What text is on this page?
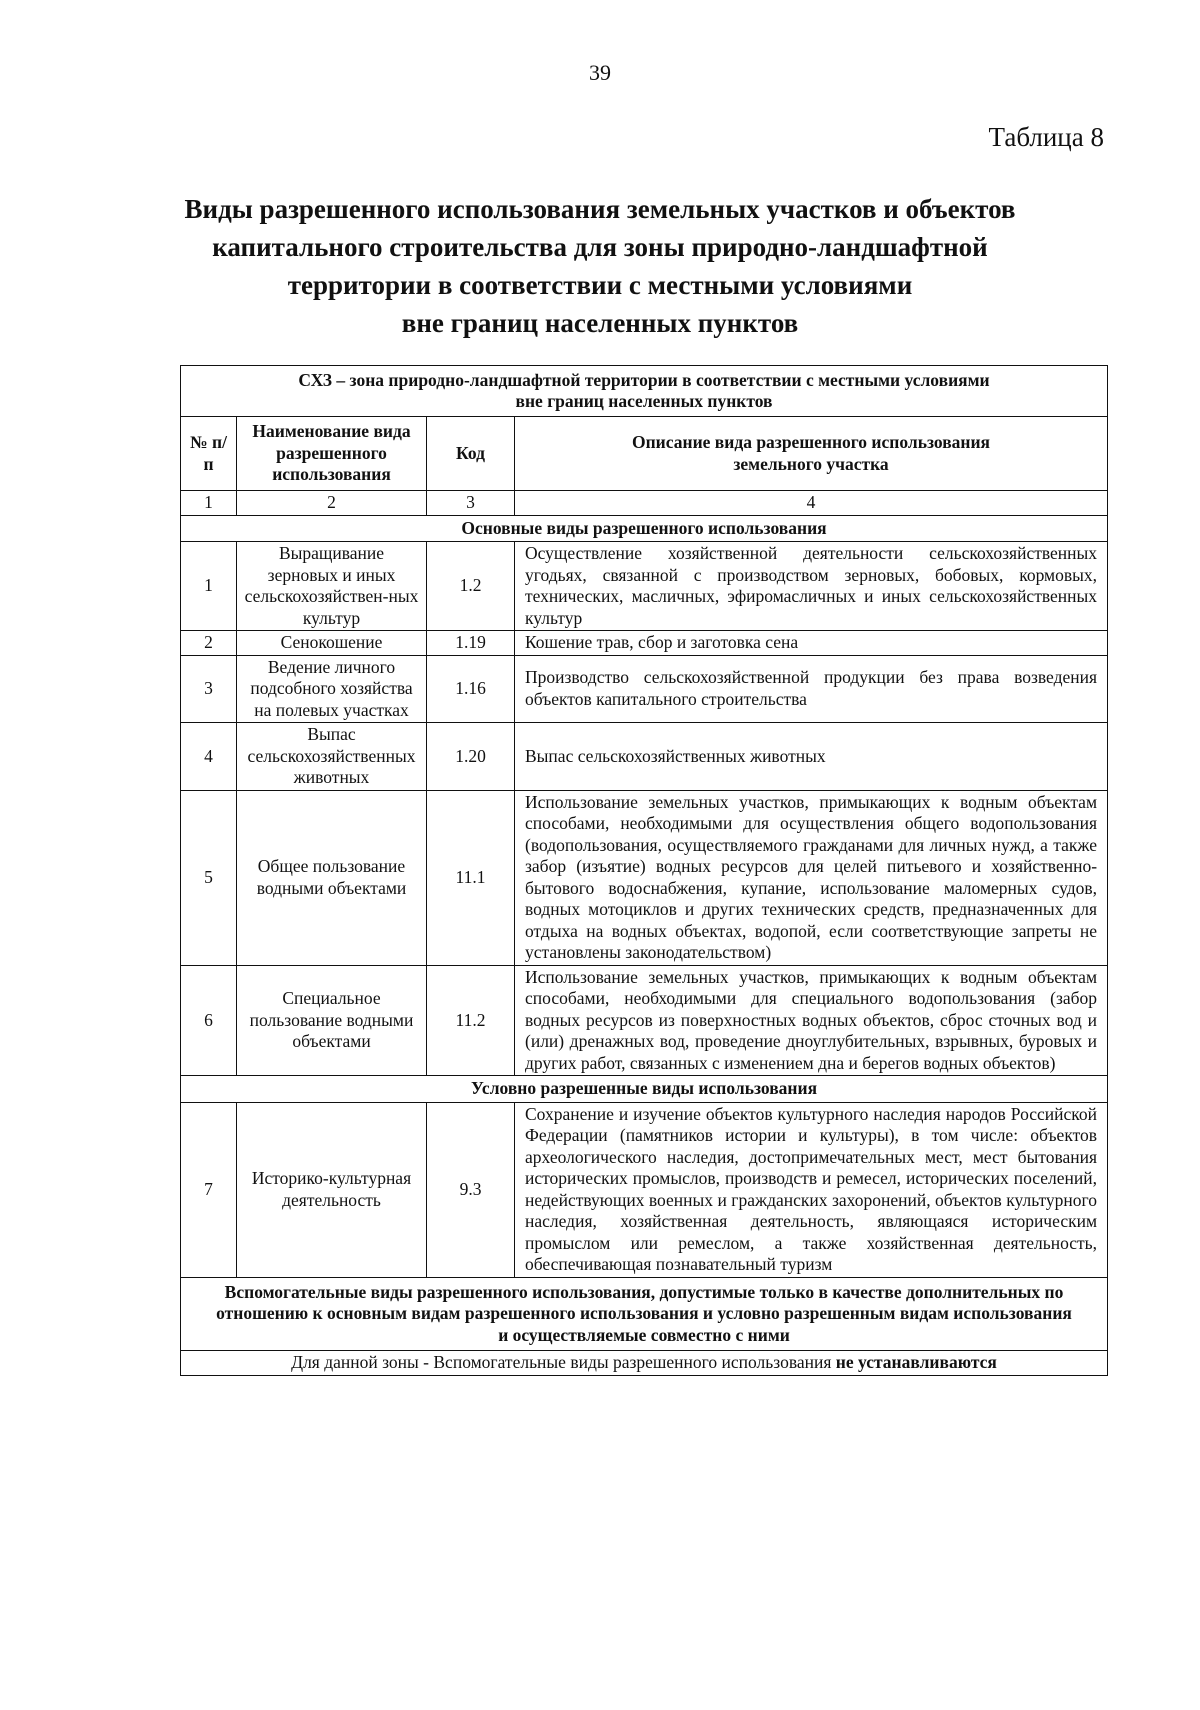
39
Таблица 8
Виды разрешенного использования земельных участков и объектов
капитального строительства для зоны природно-ландшафтной
территории в соответствии с местными условиями
вне границ населенных пунктов
СХЗ – зона природно-ландшафтной территории в соответствии с местными условиями
вне границ населенных пунктов			

№ п/п	Наименование вида разрешенного использования	Код	Описание вида разрешенного использования земельного участка
1	2	3	4
Основные виды разрешенного использования			
1	Выращивание зерновых и иных сельскохозяйствен-ных культур	1.2	Осуществление хозяйственной деятельности сельскохозяйственных угодьях, связанной с производством зерновых, бобовых, кормовых, технических, масличных, эфиромасличных и иных сельскохозяйственных культур
2	Сенокошение	1.19	Кошение трав, сбор и заготовка сена
3	Ведение личного подсобного хозяйства на полевых участках	1.16	Производство сельскохозяйственной продукции без права возведения объектов капитального строительства
4	Выпас сельскохозяйственных животных	1.20	Выпас сельскохозяйственных животных
5	Общее пользование водными объектами	11.1	Использование земельных участков, примыкающих к водным объектам способами, необходимыми для осуществления общего водопользования (водопользования, осуществляемого гражданами для личных нужд, а также забор (изъятие) водных ресурсов для целей питьевого и хозяйственно-бытового водоснабжения, купание, использование маломерных судов, водных мотоциклов и других технических средств, предназначенных для отдыха на водных объектах, водопой, если соответствующие запреты не установлены законодательством)
6	Специальное пользование водными объектами	11.2	Использование земельных участков, примыкающих к водным объектам способами, необходимыми для специального водопользования (забор водных ресурсов из поверхностных водных объектов, сброс сточных вод и (или) дренажных вод, проведение дноуглубительных, взрывных, буровых и других работ, связанных с изменением дна и берегов водных объектов)
Условно разрешенные виды использования			
7	Историко-культурная деятельность	9.3	Сохранение и изучение объектов культурного наследия народов Российской Федерации (памятников истории и культуры), в том числе: объектов археологического наследия, достопримечательных мест, мест бытования исторических промыслов, производств и ремесел, исторических поселений, недействующих военных и гражданских захоронений, объектов культурного наследия, хозяйственная деятельность, являющаяся историческим промыслом или ремеслом, а также хозяйственная деятельность, обеспечивающая познавательный туризм
Вспомогательные виды разрешенного использования, допустимые только в качестве дополнительных по отношению к основным видам разрешенного использования и условно разрешенным видам использования и осуществляемые совместно с ними			
Для данной зоны - Вспомогательные виды разрешенного использования не устанавливаются			
